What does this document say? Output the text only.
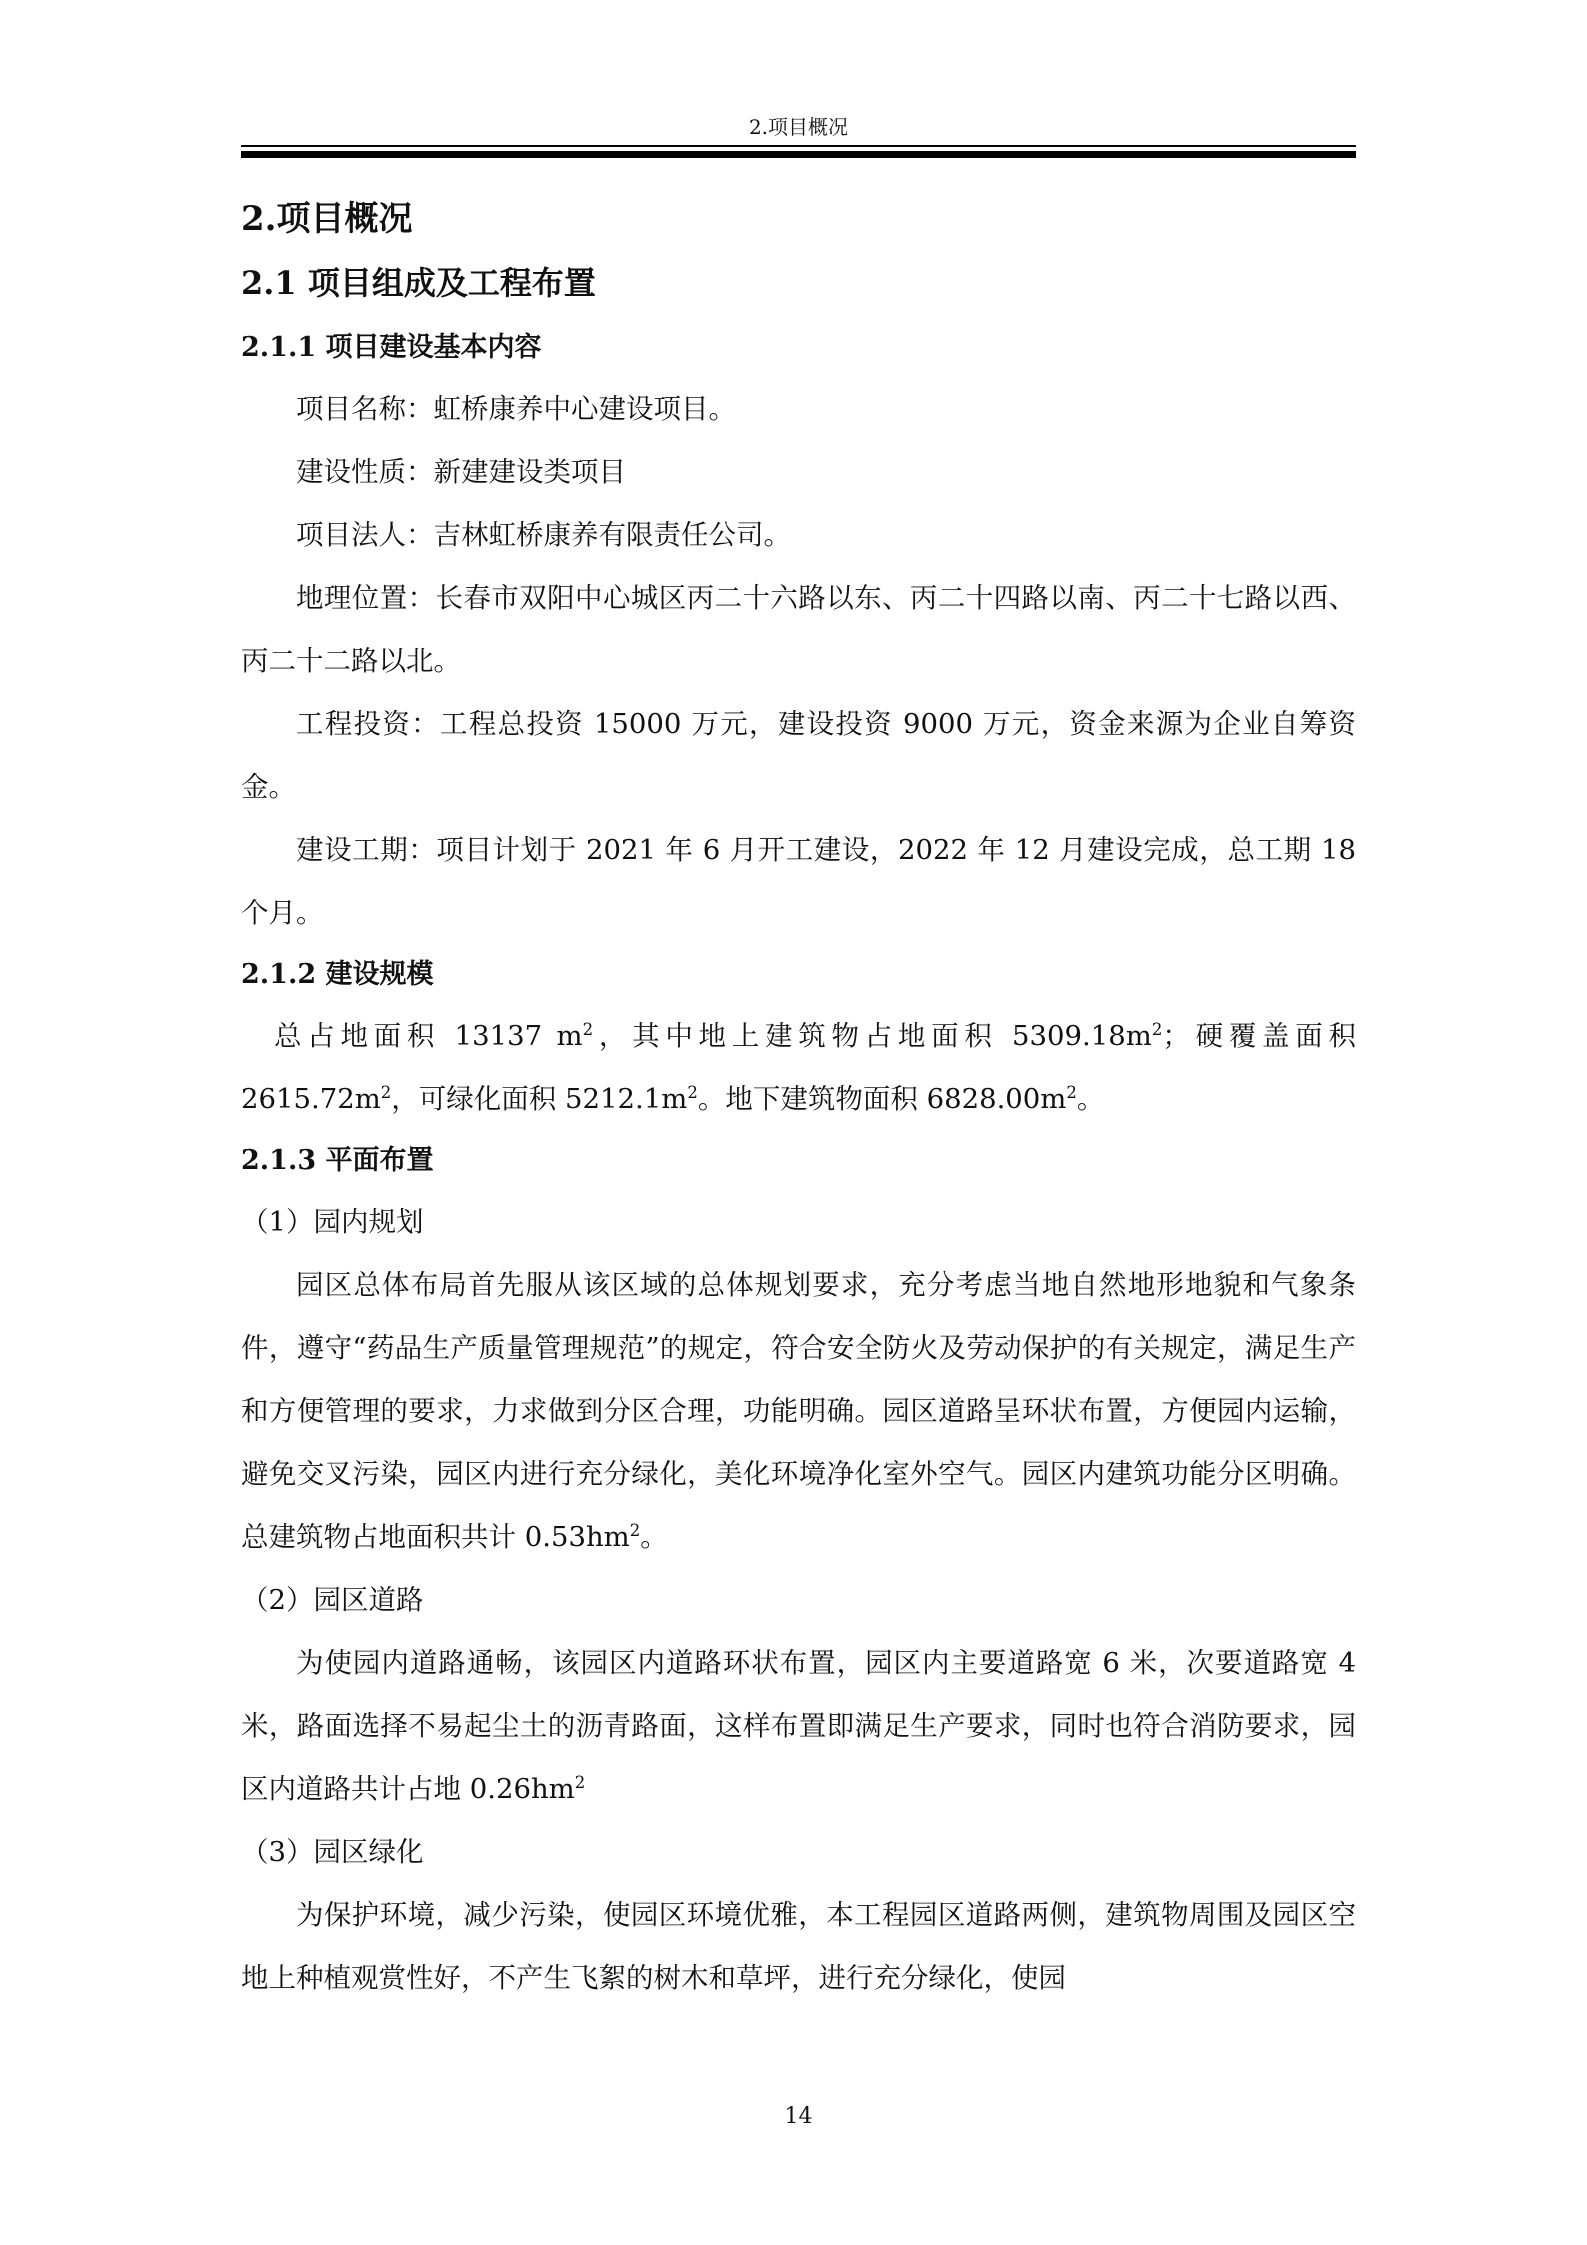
2.项目概况
2.项目概况
2.1 项目组成及工程布置
2.1.1 项目建设基本内容

项目名称：虹桥康养中心建设项目。

建设性质：新建建设类项目

项目法人：吉林虹桥康养有限责任公司。

地理位置：长春市双阳中心城区丙二十六路以东、丙二十四路以南、丙二十七路以西、丙二十二路以北。

工程投资：工程总投资 15000 万元，建设投资 9000 万元，资金来源为企业自筹资金。

建设工期：项目计划于 2021 年 6 月开工建设，2022 年 12 月建设完成，总工期 18 个月。

2.1.2 建设规模

总占地面积 13137 $m^2$，其中地上建筑物占地面积 $5309.18m^2$；硬覆盖面积 $2615.72m^2$，可绿化面积 $5212.1m^2$。地下建筑物面积 $6828.00m^2$。

2.1.3 平面布置

（1）园内规划

园区总体布局首先服从该区域的总体规划要求，充分考虑当地自然地形地貌和气象条件，遵守“药品生产质量管理规范”的规定，符合安全防火及劳动保护的有关规定，满足生产和方便管理的要求，力求做到分区合理，功能明确。园区道路呈环状布置，方便园内运输，避免交叉污染，园区内进行充分绿化，美化环境净化室外空气。园区内建筑功能分区明确。总建筑物占地面积共计 $0.53hm^2$。

（2）园区道路

为使园内道路通畅，该园区内道路环状布置，园区内主要道路宽 6 米，次要道路宽 4 米，路面选择不易起尘土的沥青路面，这样布置即满足生产要求，同时也符合消防要求，园区内道路共计占地 $0.26hm^2$

（3）园区绿化

为保护环境，减少污染，使园区环境优雅，本工程园区道路两侧，建筑物周围及园区空地上种植观赏性好，不产生飞絮的树木和草坪，进行充分绿化，使园

14
